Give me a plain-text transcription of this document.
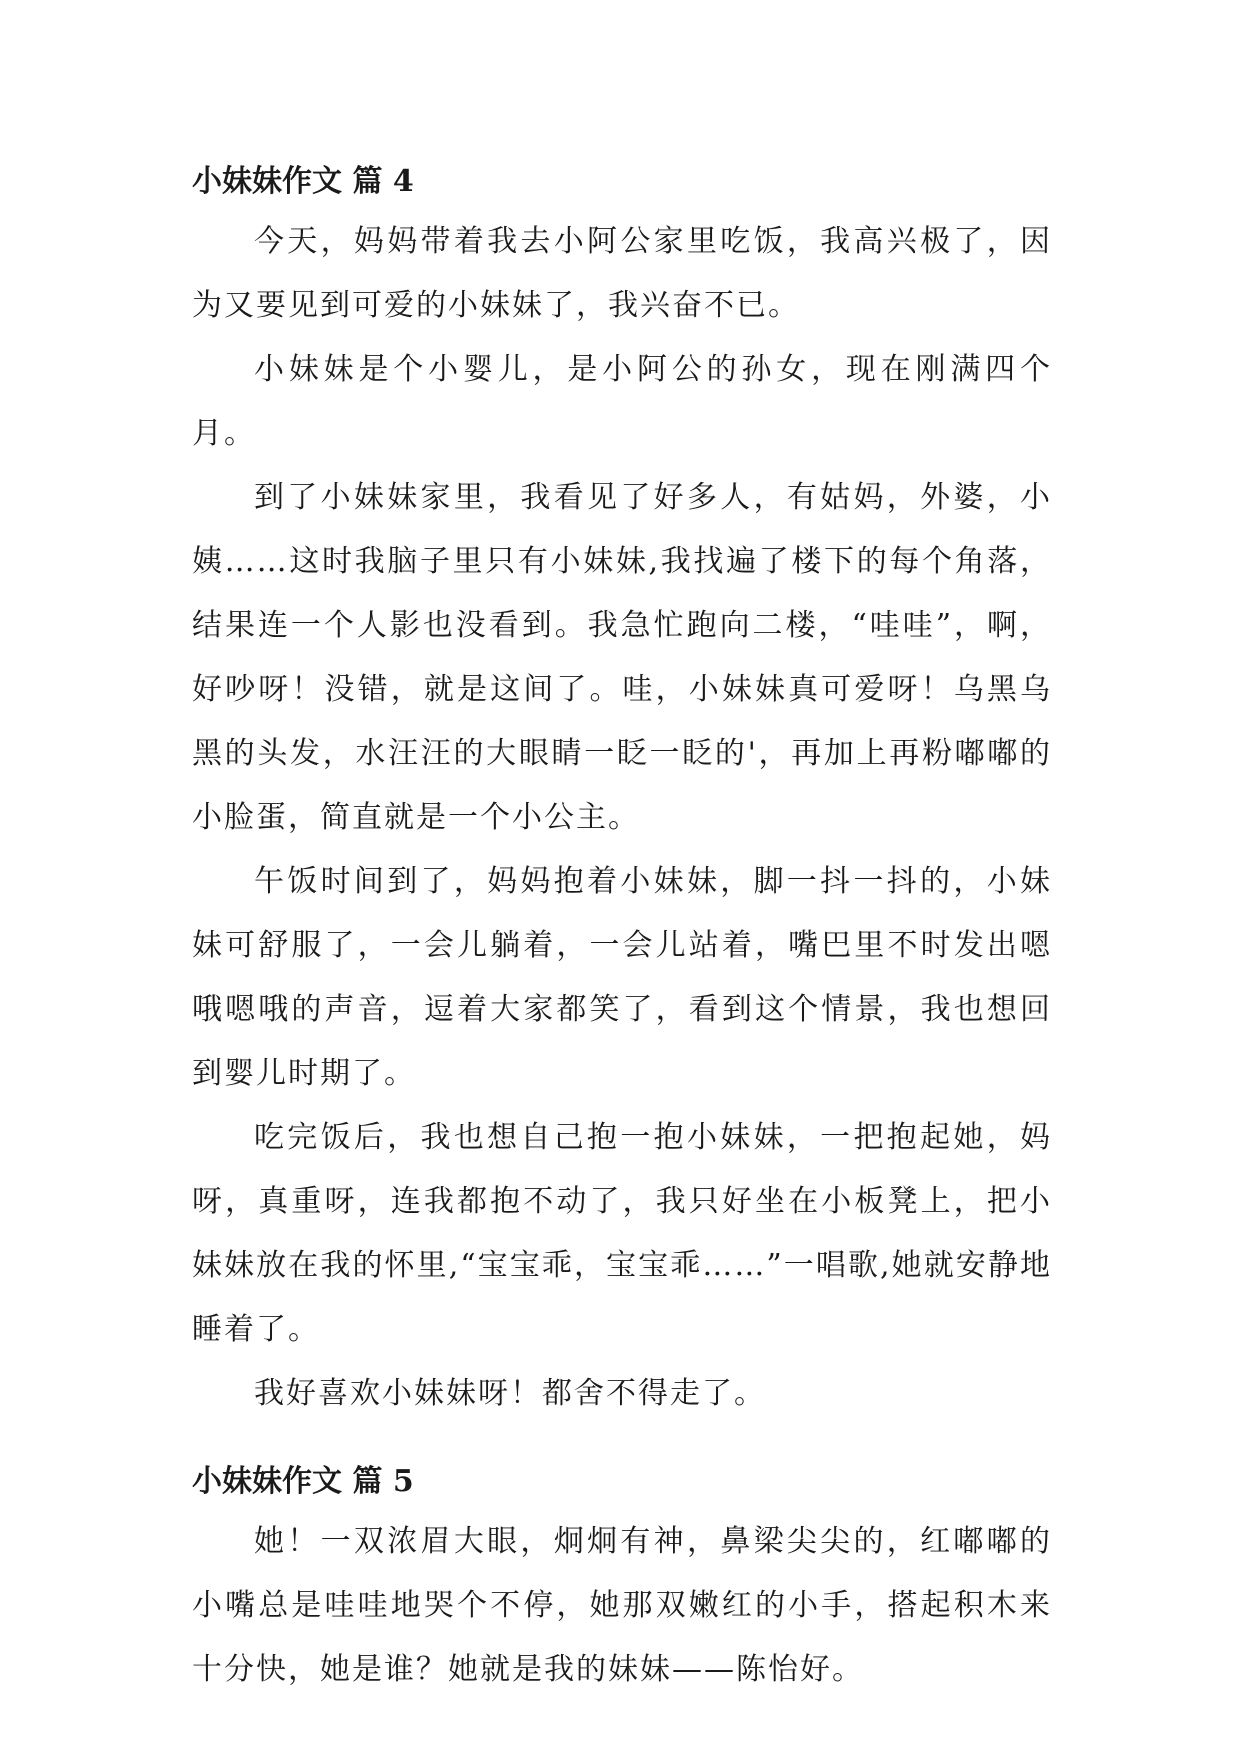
小妹妹作文 篇 4

今天，妈妈带着我去小阿公家里吃饭，我高兴极了，因为又要见到可爱的小妹妹了，我兴奋不已。

小妹妹是个小婴儿，是小阿公的孙女，现在刚满四个月。

到了小妹妹家里，我看见了好多人，有姑妈，外婆，小姨……这时我脑子里只有小妹妹,我找遍了楼下的每个角落，结果连一个人影也没看到。我急忙跑向二楼，“哇哇”，啊，好吵呀！没错，就是这间了。哇，小妹妹真可爱呀！乌黑乌黑的头发，水汪汪的大眼睛一眨一眨的'，再加上再粉嘟嘟的小脸蛋，简直就是一个小公主。

午饭时间到了，妈妈抱着小妹妹，脚一抖一抖的，小妹妹可舒服了，一会儿躺着，一会儿站着，嘴巴里不时发出嗯哦嗯哦的声音，逗着大家都笑了，看到这个情景，我也想回到婴儿时期了。

吃完饭后，我也想自己抱一抱小妹妹，一把抱起她，妈呀，真重呀，连我都抱不动了，我只好坐在小板凳上，把小妹妹放在我的怀里,“宝宝乖，宝宝乖……”一唱歌,她就安静地睡着了。

我好喜欢小妹妹呀！都舍不得走了。

小妹妹作文 篇 5

她！一双浓眉大眼，炯炯有神，鼻梁尖尖的，红嘟嘟的小嘴总是哇哇地哭个不停，她那双嫩红的小手，搭起积木来十分快，她是谁？她就是我的妹妹——陈怡好。
